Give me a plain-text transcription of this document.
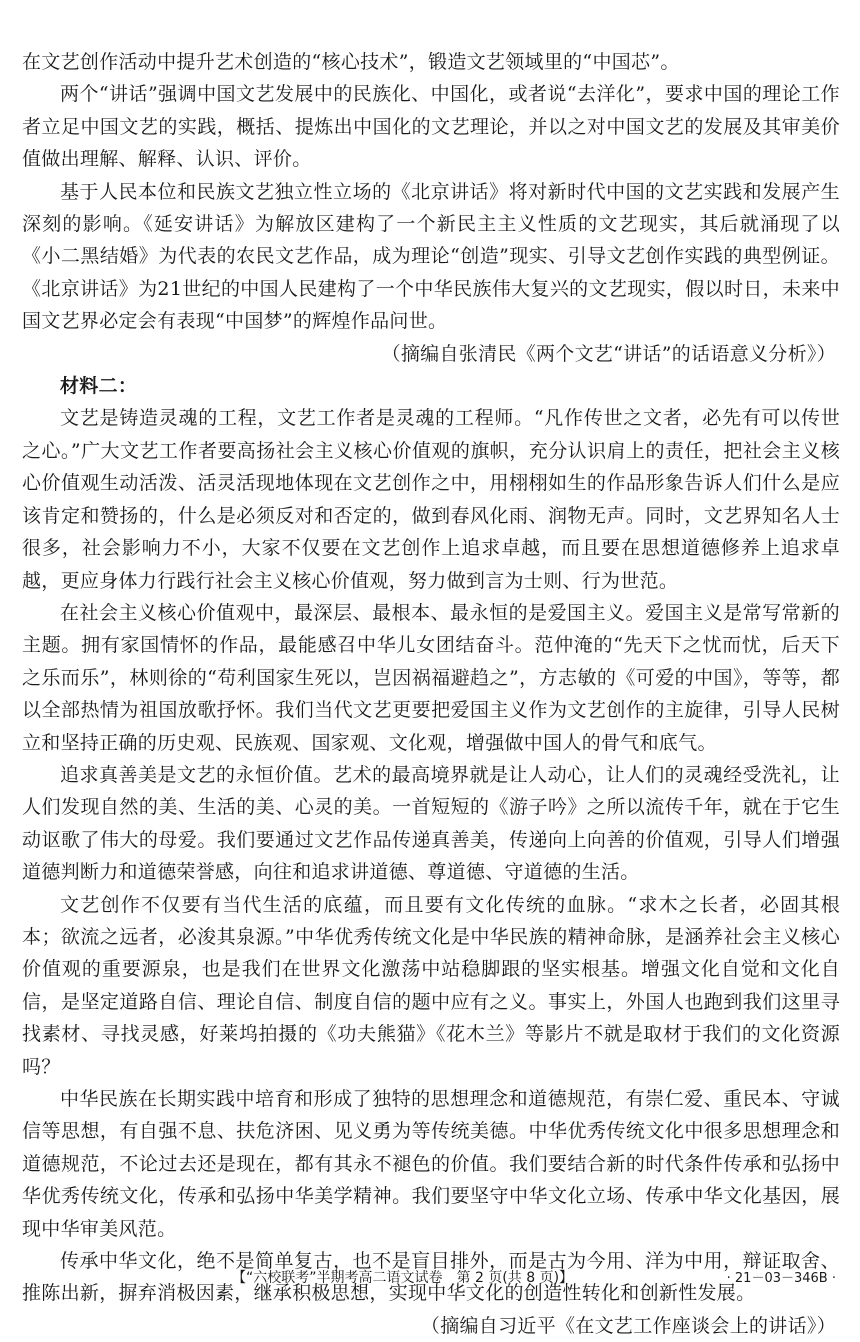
在文艺创作活动中提升艺术创造的“核心技术”，锻造文艺领域里的“中国芯”。

两个“讲话”强调中国文艺发展中的民族化、中国化，或者说“去洋化”，要求中国的理论工作者立足中国文艺的实践，概括、提炼出中国化的文艺理论，并以之对中国文艺的发展及其审美价值做出理解、解释、认识、评价。

基于人民本位和民族文艺独立性立场的《北京讲话》将对新时代中国的文艺实践和发展产生深刻的影响。《延安讲话》为解放区建构了一个新民主主义性质的文艺现实，其后就涌现了以《小二黑结婚》为代表的农民文艺作品，成为理论“创造”现实、引导文艺创作实践的典型例证。《北京讲话》为21世纪的中国人民建构了一个中华民族伟大复兴的文艺现实，假以时日，未来中国文艺界必定会有表现“中国梦”的辉煌作品问世。

（摘编自张清民《两个文艺“讲话”的话语意义分析》）

材料二：

文艺是铸造灵魂的工程，文艺工作者是灵魂的工程师。“凡作传世之文者，必先有可以传世之心。”广大文艺工作者要高扬社会主义核心价值观的旗帜，充分认识肩上的责任，把社会主义核心价值观生动活泼、活灵活现地体现在文艺创作之中，用栩栩如生的作品形象告诉人们什么是应该肯定和赞扬的，什么是必须反对和否定的，做到春风化雨、润物无声。同时，文艺界知名人士很多，社会影响力不小，大家不仅要在文艺创作上追求卓越，而且要在思想道德修养上追求卓越，更应身体力行践行社会主义核心价值观，努力做到言为士则、行为世范。

在社会主义核心价值观中，最深层、最根本、最永恒的是爱国主义。爱国主义是常写常新的主题。拥有家国情怀的作品，最能感召中华儿女团结奋斗。范仲淹的“先天下之忧而忧，后天下之乐而乐”，林则徐的“苟利国家生死以，岂因祸福避趋之”，方志敏的《可爱的中国》，等等，都以全部热情为祖国放歌抒怀。我们当代文艺更要把爱国主义作为文艺创作的主旋律，引导人民树立和坚持正确的历史观、民族观、国家观、文化观，增强做中国人的骨气和底气。

追求真善美是文艺的永恒价值。艺术的最高境界就是让人动心，让人们的灵魂经受洗礼，让人们发现自然的美、生活的美、心灵的美。一首短短的《游子吟》之所以流传千年，就在于它生动讴歌了伟大的母爱。我们要通过文艺作品传递真善美，传递向上向善的价值观，引导人们增强道德判断力和道德荣誉感，向往和追求讲道德、尊道德、守道德的生活。

文艺创作不仅要有当代生活的底蕴，而且要有文化传统的血脉。“求木之长者，必固其根本；欲流之远者，必浚其泉源。”中华优秀传统文化是中华民族的精神命脉，是涵养社会主义核心价值观的重要源泉，也是我们在世界文化激荡中站稳脚跟的坚实根基。增强文化自觉和文化自信，是坚定道路自信、理论自信、制度自信的题中应有之义。事实上，外国人也跑到我们这里寻找素材、寻找灵感，好莱坞拍摄的《功夫熊猫》《花木兰》等影片不就是取材于我们的文化资源吗？

中华民族在长期实践中培育和形成了独特的思想理念和道德规范，有崇仁爱、重民本、守诚信等思想，有自强不息、扶危济困、见义勇为等传统美德。中华优秀传统文化中很多思想理念和道德规范，不论过去还是现在，都有其永不褪色的价值。我们要结合新的时代条件传承和弘扬中华优秀传统文化，传承和弘扬中华美学精神。我们要坚守中华文化立场、传承中华文化基因，展现中华审美风范。

传承中华文化，绝不是简单复古，也不是盲目排外，而是古为今用、洋为中用，辩证取舍、推陈出新，摒弃消极因素，继承积极思想，实现中华文化的创造性转化和创新性发展。

（摘编自习近平《在文艺工作座谈会上的讲话》）

【“六校联考”半期考高二语文试卷　第 2 页(共 8 页)】	· 21－03－346B ·
